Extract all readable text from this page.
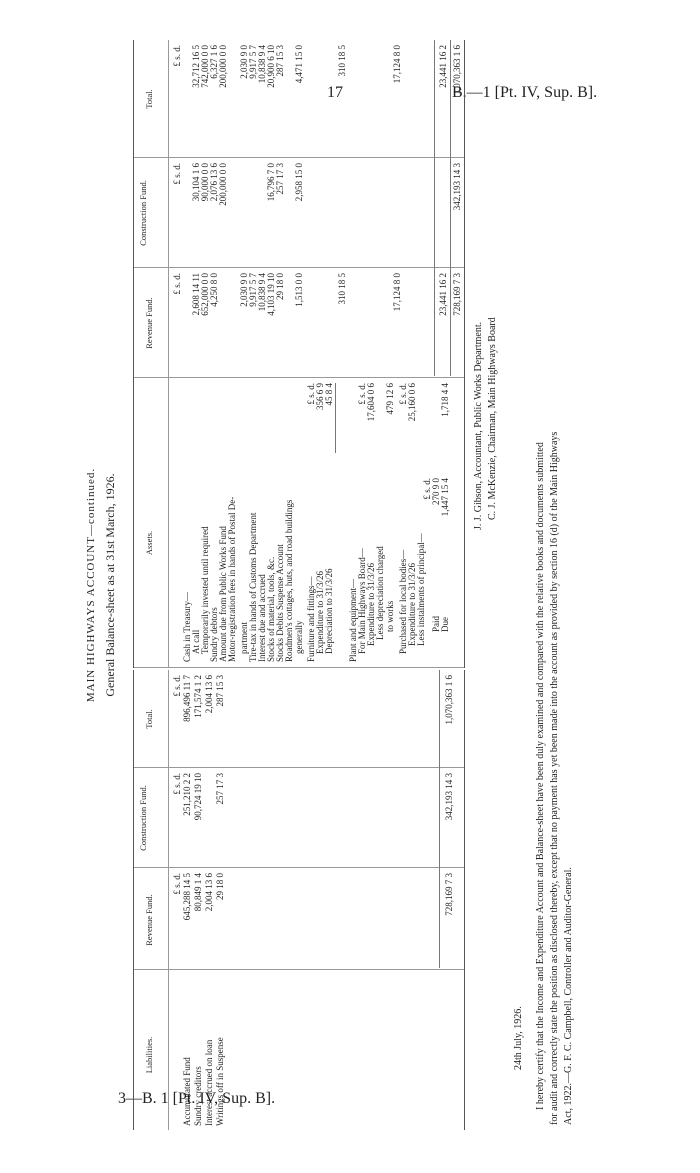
17	B.—1 [Pt. IV, Sup. B].
3—B. 1 [Pt. IV, Sup. B].
MAIN HIGHWAYS ACCOUNT—continued. General Balance-sheet as at 31st March, 1926.
Liabilities.
Revenue Fund.
Construction Fund.
Total.
£ s. d.
£ s. d.
£ s. d.
Accumulated Fund
645,288 14 5
251,210 2 2
896,496 11 7
Sundry creditors
80,849 1 4
90,724 19 10
171,574 1 2
Interest accrued on loan
2,004 13 6
2,004 13 6
Writings off in Suspense
29 18 0
257 17 3
287 15 3
728,169 7 3
342,193 14 3
1,070,363 1 6
Assets.
Revenue Fund.
Construction Fund.
Total.
£ s. d.
£ s. d.
£ s. d.
Cash in Treasury— At call
2,608 14 11
30,104 1 6
32,712 16 5
Temporarily invested until required
652,000 0 0
90,000 0 0
742,000 0 0
Sundry debtors
4,250 8 0
2,076 13 6
6,327 1 6
Amount due from Public Works Fund
200,000 0 0
200,000 0 0
Motor-registration fees in hands of Postal De- partment
2,030 9 0
2,030 9 0
Tire-tax in hands of Customs Department
9,917 5 7
9,917 5 7
Interest due and accrued
10,838 9 4
10,838 9 4
Stocks of material, tools, &c.
4,103 19 10
16,796 7 0
20,900 6 10
Stocks Debits Suspense Account
29 18 0
257 17 3
287 15 3
Roadmen's cottages, huts, and road buildings generally
1,513 0 0
2,958 15 0
4,471 15 0
Furniture and fittings—
£ s. d.
Expenditure to 31/3/26
356 6 9
Depreciation to 31/3/26
45 8 4
310 18 5
310 18 5
Plant and equipment— For Main Highways Board—
£ s. d.
Expenditure to 31/3/26
17,604 0 6
Less depreciation charged to works
479 12 6
Purchased for local bodies—
£ s. d.
Expenditure to 31/3/26
25,160 0 6
Less instalments of principal—
17,124 8 0
17,124 8 0
£ s. d.
Paid
270 9 0
Due
1,447 15 4
1,718 4 4
23,441 16 2
23,441 16 2
728,169 7 3
342,193 14 3
1,070,363 1 6
J. J. Gibson, Accountant, Public Works Department. C. J. McKenzie, Chairman, Main Highways Board
24th July, 1926. I hereby certify that the Income and Expenditure Account and Balance-sheet have been duly examined and compared with the relative books and documents submitted for audit and correctly state the position as disclosed thereby, except that no payment has yet been made into the account as provided by section 16 (d) of the Main Highways Act, 1922.—G. F. C. Campbell, Controller and Auditor-General.
